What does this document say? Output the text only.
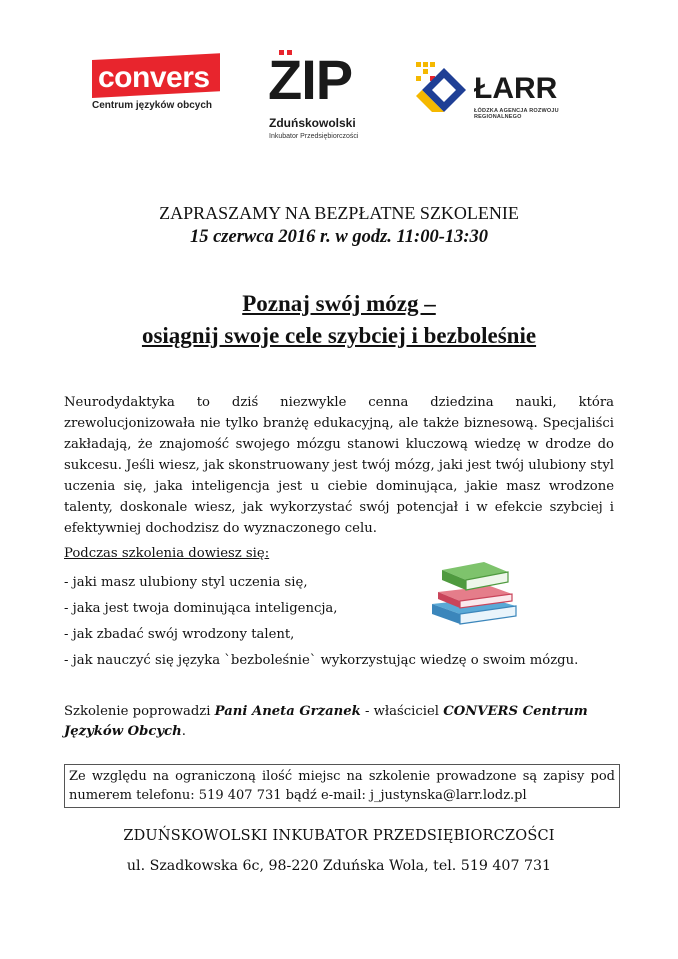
convers
Centrum języków obcych ZIP
Zduńskowolski
Inkubator Przedsiębiorczości
ŁARR
ŁÓDZKA AGENCJA ROZWOJU REGIONALNEGO
ZAPRASZAMY NA BEZPŁATNE SZKOLENIE
15 czerwca 2016 r. w godz. 11:00-13:30
Poznaj swój mózg –
osiągnij swoje cele szybciej i bezboleśnie

Neurodydaktyka to dziś niezwykle cenna dziedzina nauki, która zrewolucjonizowała nie tylko branżę edukacyjną, ale także biznesową. Specjaliści zakładają, że znajomość swojego mózgu stanowi kluczową wiedzę w drodze do sukcesu. Jeśli wiesz, jak skonstruowany jest twój mózg, jaki jest twój ulubiony styl uczenia się, jaka inteligencja jest u ciebie dominująca, jakie masz wrodzone talenty, doskonale wiesz, jak wykorzystać swój potencjał i w efekcie szybciej i efektywniej dochodzisz do wyznaczonego celu.

Podczas szkolenia dowiesz się:
- jaki masz ulubiony styl uczenia się,
- jaka jest twoja dominująca inteligencja,
- jak zbadać swój wrodzony talent,
- jak nauczyć się języka `bezboleśnie` wykorzystując wiedzę o swoim mózgu.
Szkolenie poprowadzi Pani Aneta Grzanek - właściciel CONVERS Centrum Języków Obcych.
Ze względu na ograniczoną ilość miejsc na szkolenie prowadzone są zapisy pod numerem telefonu: 519 407 731 bądź e-mail: j_justynska@larr.lodz.pl
ZDUŃSKOWOLSKI INKUBATOR PRZEDSIĘBIORCZOŚCI
ul. Szadkowska 6c, 98-220 Zduńska Wola, tel. 519 407 731
